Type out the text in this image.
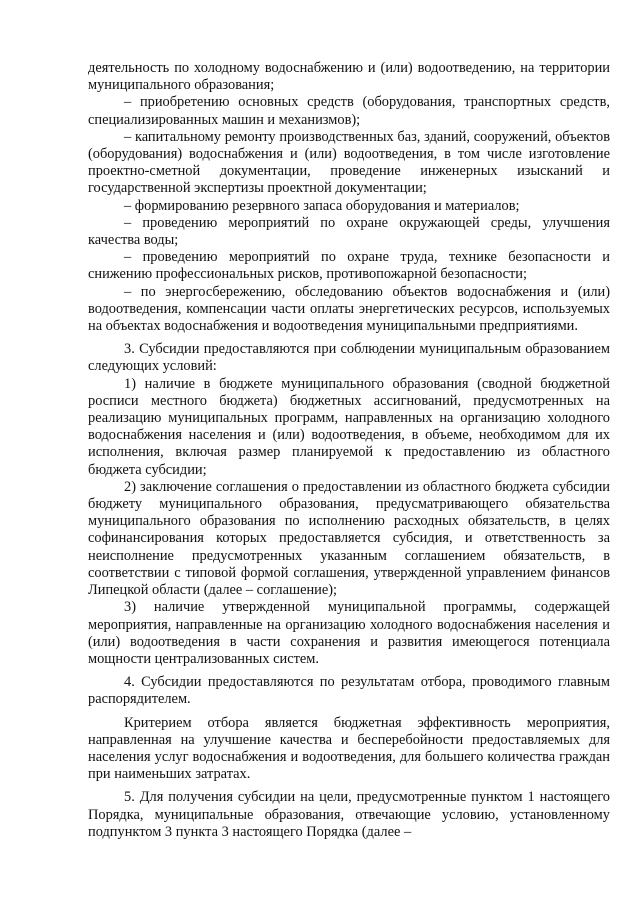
деятельность по холодному водоснабжению и (или) водоотведению, на территории муниципального образования;

– приобретению основных средств (оборудования, транспортных средств, специализированных машин и механизмов);

– капитальному ремонту производственных баз, зданий, сооружений, объектов (оборудования) водоснабжения и (или) водоотведения, в том числе изготовление проектно-сметной документации, проведение инженерных изысканий и государственной экспертизы проектной документации;

– формированию резервного запаса оборудования и материалов;

– проведению мероприятий по охране окружающей среды, улучшения качества воды;

– проведению мероприятий по охране труда, технике безопасности и снижению профессиональных рисков, противопожарной безопасности;

– по энергосбережению, обследованию объектов водоснабжения и (или) водоотведения, компенсации части оплаты энергетических ресурсов, используемых на объектах водоснабжения и водоотведения муниципальными предприятиями.

3. Субсидии предоставляются при соблюдении муниципальным образованием следующих условий:

1) наличие в бюджете муниципального образования (сводной бюджетной росписи местного бюджета) бюджетных ассигнований, предусмотренных на реализацию муниципальных программ, направленных на организацию холодного водоснабжения населения и (или) водоотведения, в объеме, необходимом для их исполнения, включая размер планируемой к предоставлению из областного бюджета субсидии;

2) заключение соглашения о предоставлении из областного бюджета субсидии бюджету муниципального образования, предусматривающего обязательства муниципального образования по исполнению расходных обязательств, в целях софинансирования которых предоставляется субсидия, и ответственность за неисполнение предусмотренных указанным соглашением обязательств, в соответствии с типовой формой соглашения, утвержденной управлением финансов Липецкой области (далее – соглашение);

3) наличие утвержденной муниципальной программы, содержащей мероприятия, направленные на организацию холодного водоснабжения населения и (или) водоотведения в части сохранения и развития имеющегося потенциала мощности централизованных систем.

4. Субсидии предоставляются по результатам отбора, проводимого главным распорядителем.

Критерием отбора является бюджетная эффективность мероприятия, направленная на улучшение качества и бесперебойности предоставляемых для населения услуг водоснабжения и водоотведения, для большего количества граждан при наименьших затратах.

5. Для получения субсидии на цели, предусмотренные пунктом 1 настоящего Порядка, муниципальные образования, отвечающие условию, установленному подпунктом 3 пункта 3 настоящего Порядка (далее –
